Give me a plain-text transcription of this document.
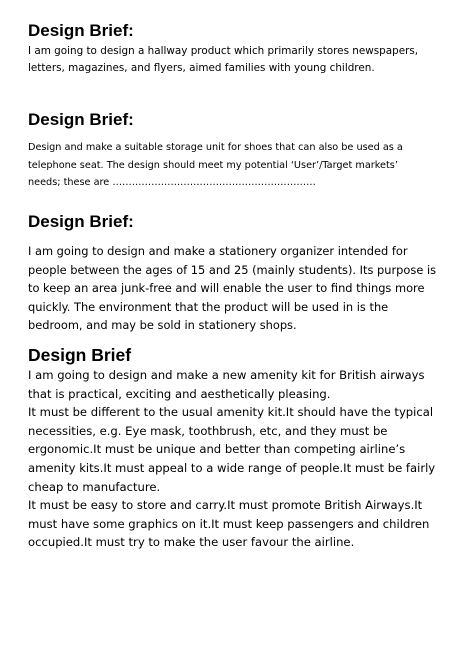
Design Brief:

I am going to design a hallway product which primarily stores newspapers,
letters, magazines, and flyers, aimed families with young children.

Design Brief:

Design and make a suitable storage unit for shoes that can also be used as a
telephone seat. The design should meet my potential ‘User’/Target markets’
needs; these are ………………………………………………………

Design Brief:

I am going to design and make a stationery organizer intended for
people between the ages of 15 and 25 (mainly students). Its purpose is
to keep an area junk-free and will enable the user to find things more
quickly. The environment that the product will be used in is the
bedroom, and may be sold in stationery shops.

Design Brief

I am going to design and make a new amenity kit for British airways
that is practical, exciting and aesthetically pleasing.
It must be different to the usual amenity kit.It should have the typical
necessities, e.g. Eye mask, toothbrush, etc, and they must be
ergonomic.It must be unique and better than competing airline’s
amenity kits.It must appeal to a wide range of people.It must be fairly
cheap to manufacture.
It must be easy to store and carry.It must promote British Airways.It
must have some graphics on it.It must keep passengers and children
occupied.It must try to make the user favour the airline.
